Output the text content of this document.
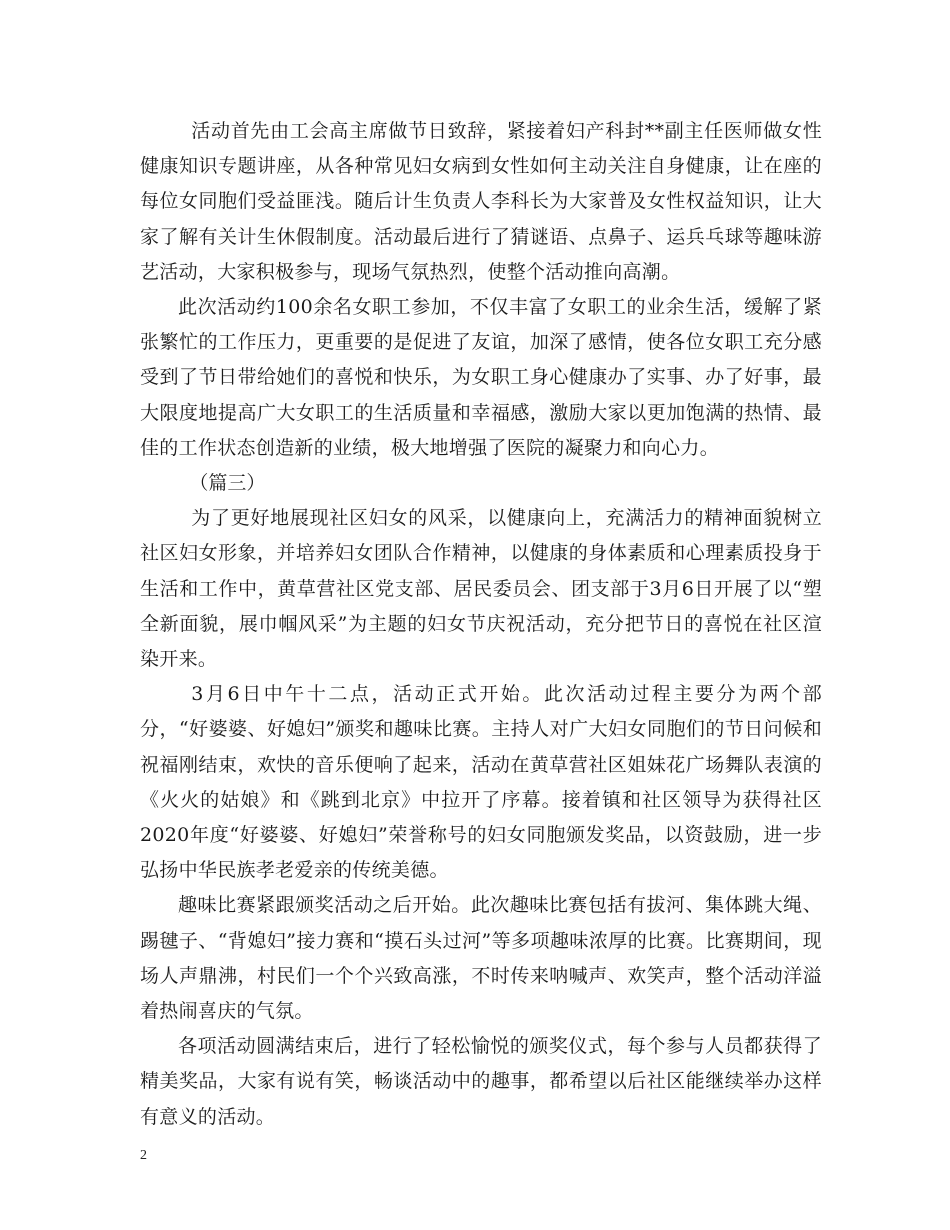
活动首先由工会高主席做节日致辞，紧接着妇产科封**副主任医师做女性健康知识专题讲座，从各种常见妇女病到女性如何主动关注自身健康，让在座的每位女同胞们受益匪浅。随后计生负责人李科长为大家普及女性权益知识，让大家了解有关计生休假制度。活动最后进行了猜谜语、点鼻子、运兵乓球等趣味游艺活动，大家积极参与，现场气氛热烈，使整个活动推向高潮。

此次活动约100余名女职工参加，不仅丰富了女职工的业余生活，缓解了紧张繁忙的工作压力，更重要的是促进了友谊，加深了感情，使各位女职工充分感受到了节日带给她们的喜悦和快乐，为女职工身心健康办了实事、办了好事，最大限度地提高广大女职工的生活质量和幸福感，激励大家以更加饱满的热情、最佳的工作状态创造新的业绩，极大地增强了医院的凝聚力和向心力。

（篇三）

为了更好地展现社区妇女的风采，以健康向上，充满活力的精神面貌树立社区妇女形象，并培养妇女团队合作精神，以健康的身体素质和心理素质投身于生活和工作中，黄草营社区党支部、居民委员会、团支部于3月6日开展了以“塑全新面貌，展巾帼风采”为主题的妇女节庆祝活动，充分把节日的喜悦在社区渲染开来。

3月6日中午十二点，活动正式开始。此次活动过程主要分为两个部分，“好婆婆、好媳妇”颁奖和趣味比赛。主持人对广大妇女同胞们的节日问候和祝福刚结束，欢快的音乐便响了起来，活动在黄草营社区姐妹花广场舞队表演的《火火的姑娘》和《跳到北京》中拉开了序幕。接着镇和社区领导为获得社区2020年度“好婆婆、好媳妇”荣誉称号的妇女同胞颁发奖品，以资鼓励，进一步弘扬中华民族孝老爱亲的传统美德。

趣味比赛紧跟颁奖活动之后开始。此次趣味比赛包括有拔河、集体跳大绳、踢毽子、“背媳妇”接力赛和“摸石头过河”等多项趣味浓厚的比赛。比赛期间，现场人声鼎沸，村民们一个个兴致高涨，不时传来呐喊声、欢笑声，整个活动洋溢着热闹喜庆的气氛。

各项活动圆满结束后，进行了轻松愉悦的颁奖仪式，每个参与人员都获得了精美奖品，大家有说有笑，畅谈活动中的趣事，都希望以后社区能继续举办这样有意义的活动。

2
